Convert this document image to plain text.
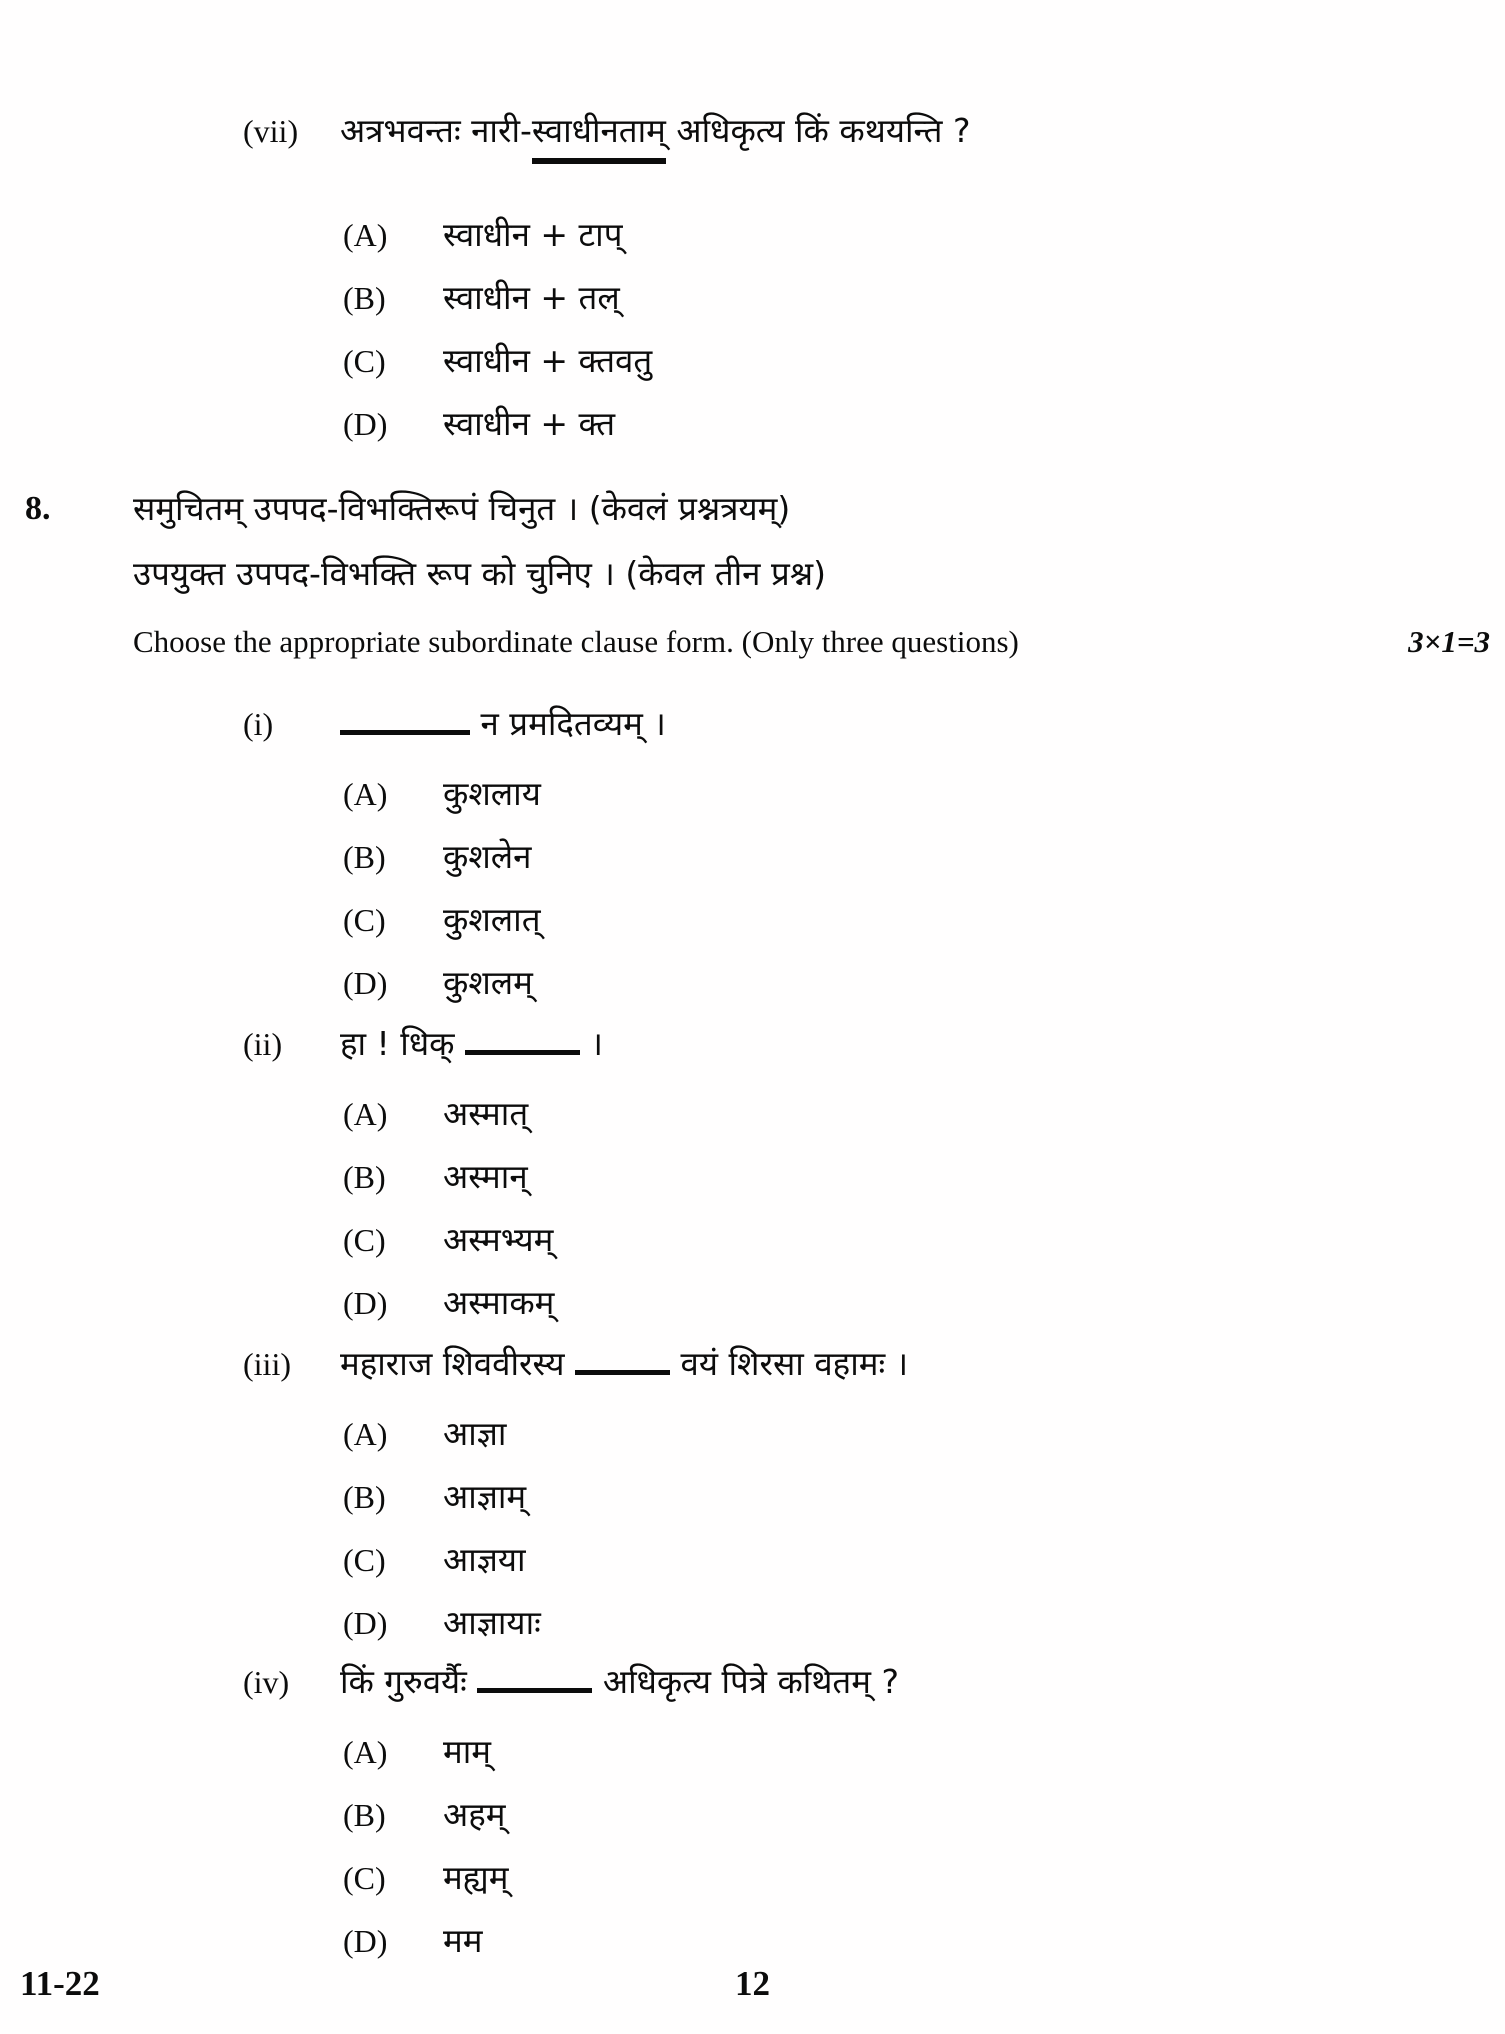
(vii)	अत्रभवन्तः नारी-स्वाधीनताम् अधिकृत्य किं कथयन्ति ?
(A)	स्वाधीन + टाप्
(B)	स्वाधीन + तल्
(C)	स्वाधीन + क्तवतु
(D)	स्वाधीन + क्त
8.	समुचितम् उपपद-विभक्तिरूपं चिनुत । (केवलं प्रश्नत्रयम्)
उपयुक्त उपपद-विभक्ति रूप को चुनिए । (केवल तीन प्रश्न)
Choose the appropriate subordinate clause form. (Only three questions)	3×1=3
(i)	न प्रमदितव्यम् ।
(A)	कुशलाय
(B)	कुशलेन
(C)	कुशलात्
(D)	कुशलम्
(ii)	हा ! धिक्	।
(A)	अस्मात्
(B)	अस्मान्
(C)	अस्मभ्यम्
(D)	अस्माकम्
(iii)	महाराज शिववीरस्य	वयं शिरसा वहामः ।
(A)	आज्ञा
(B)	आज्ञाम्
(C)	आज्ञया
(D)	आज्ञायाः
(iv)	किं गुरुवर्यैः	अधिकृत्य पित्रे कथितम् ?
(A)	माम्
(B)	अहम्
(C)	मह्यम्
(D)	मम
11-22	12
